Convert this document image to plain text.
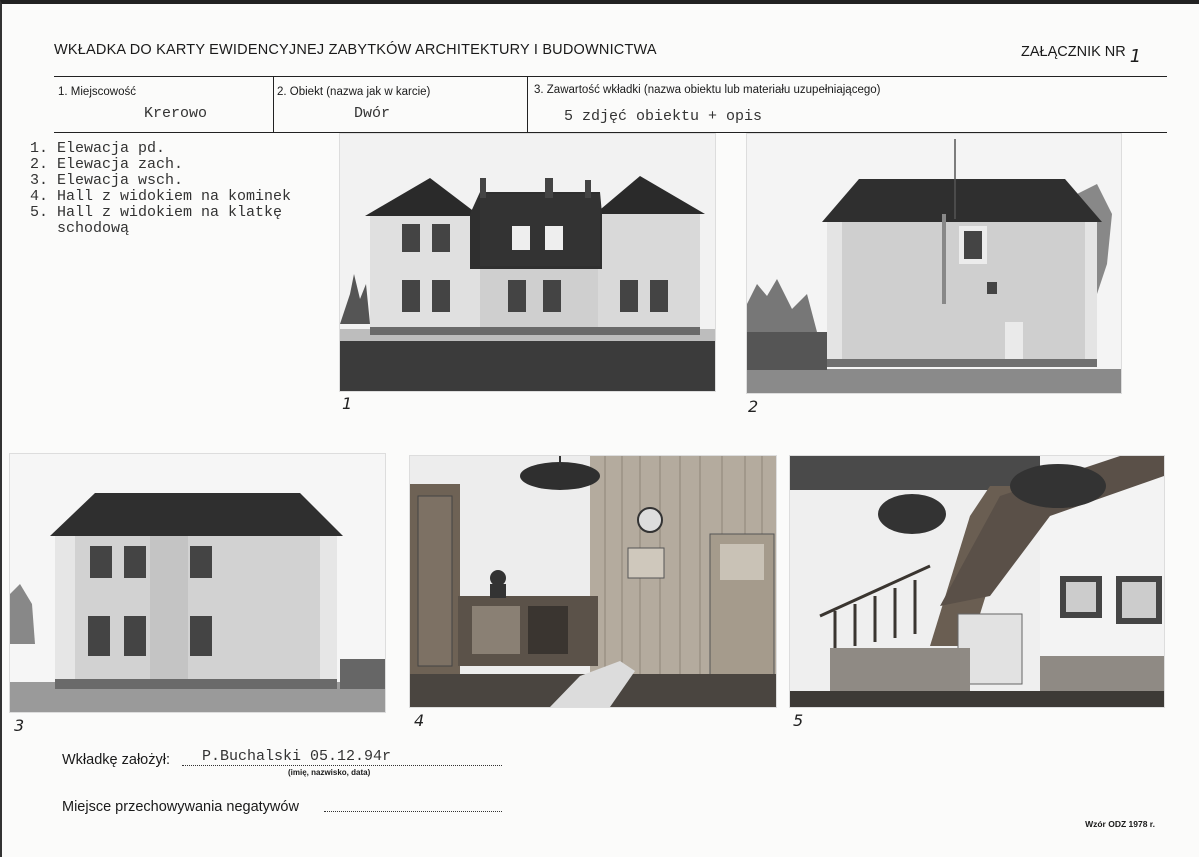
WKŁADKA DO KARTY EWIDENCYJNEJ ZABYTKÓW ARCHITEKTURY I BUDOWNICTWA	ZAŁĄCZNIK NR 1
1. Miejscowość
Krerowo
2. Obiekt (nazwa jak w karcie)
Dwór
3. Zawartość wkładki (nazwa obiektu lub materiału uzupełniającego)
5 zdjęć obiektu + opis
1. Elewacja pd.
2. Elewacja zach.
3. Elewacja wsch.
4. Hall z widokiem na kominek
5. Hall z widokiem na klatkę
schodową
1	2
3	4	5
Wkładkę założył: P.Buchalski 05.12.94r
(imię, nazwisko, data)
Miejsce przechowywania negatywów
Wzór ODZ 1978 r.
